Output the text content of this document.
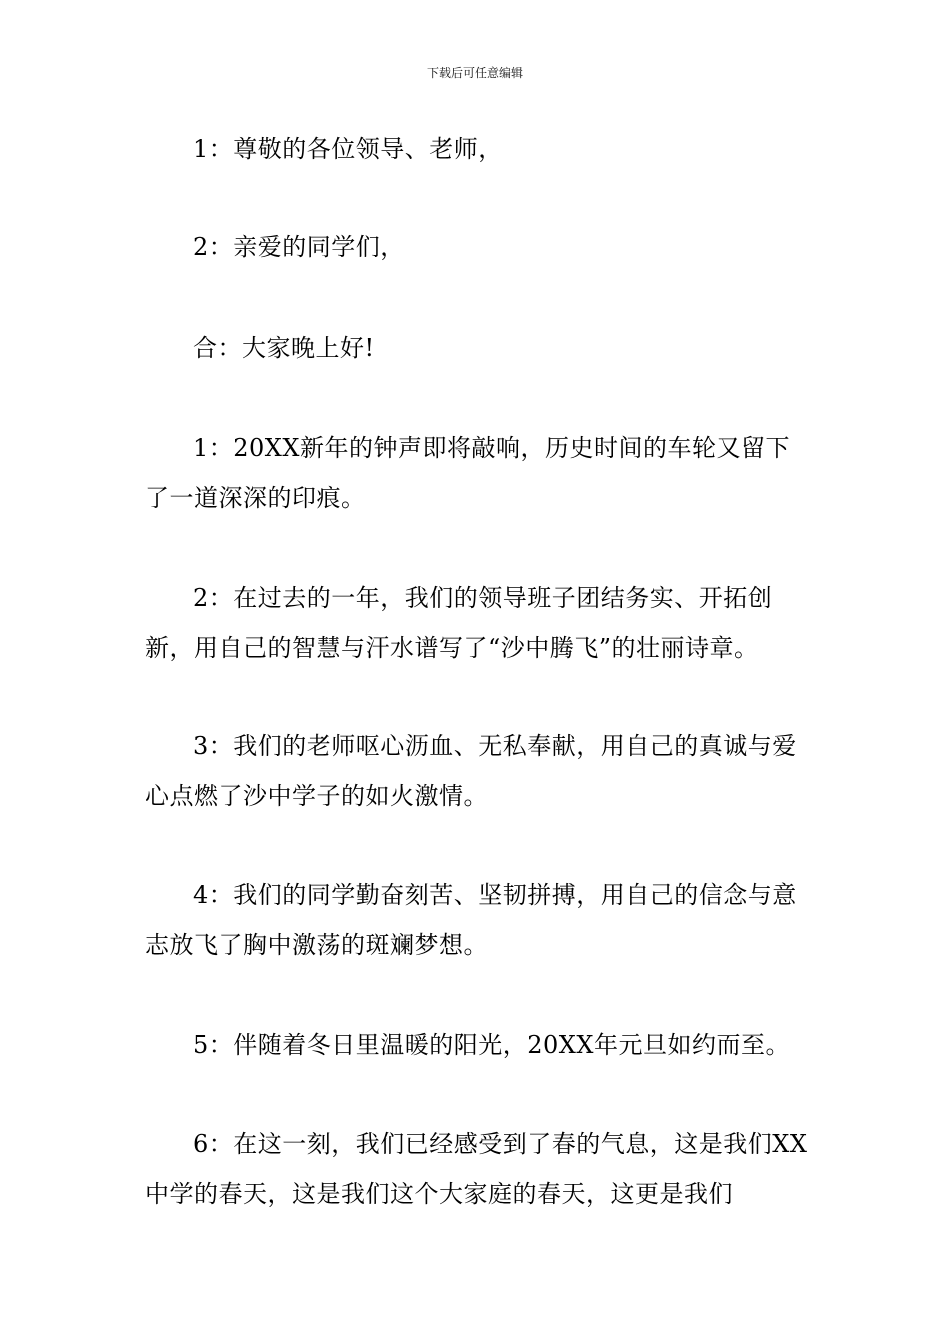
下载后可任意编辑

1：尊敬的各位领导、老师，

2：亲爱的同学们，

合：大家晚上好!

1：20XX新年的钟声即将敲响，历史时间的车轮又留下了一道深深的印痕。

2：在过去的一年，我们的领导班子团结务实、开拓创新，用自己的智慧与汗水谱写了“沙中腾飞”的壮丽诗章。

3：我们的老师呕心沥血、无私奉献，用自己的真诚与爱心点燃了沙中学子的如火激情。

4：我们的同学勤奋刻苦、坚韧拼搏，用自己的信念与意志放飞了胸中激荡的斑斓梦想。

5：伴随着冬日里温暖的阳光，20XX年元旦如约而至。

6：在这一刻，我们已经感受到了春的气息，这是我们XX中学的春天，这是我们这个大家庭的春天，这更是我们
